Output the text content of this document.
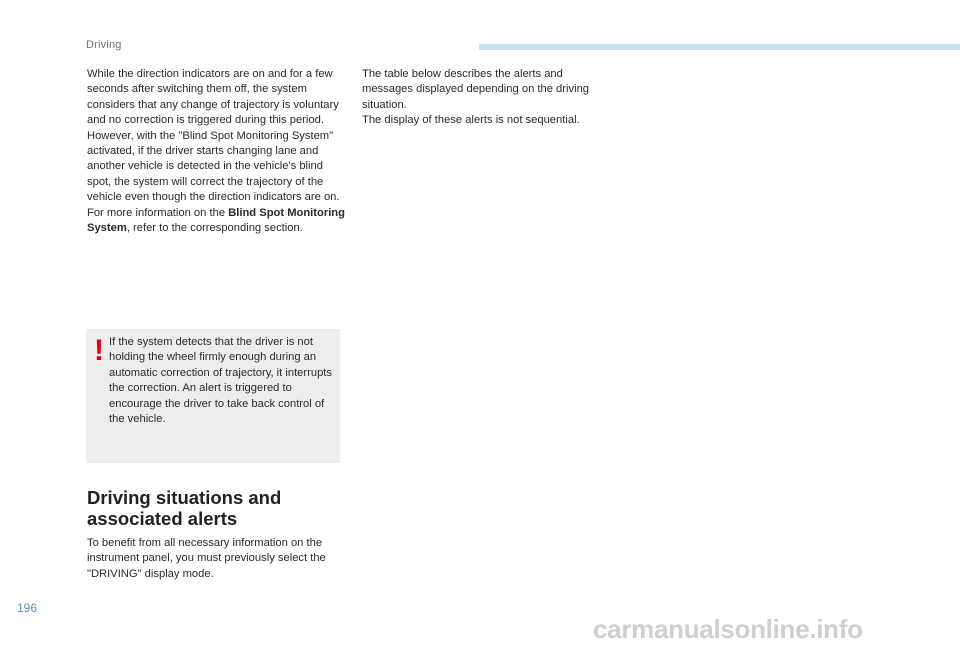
Driving

While the direction indicators are on and for a few seconds after switching them off, the system considers that any change of trajectory is voluntary and no correction is triggered during this period.

However, with the "Blind Spot Monitoring System" activated, if the driver starts changing lane and another vehicle is detected in the vehicle's blind spot, the system will correct the trajectory of the vehicle even though the direction indicators are on.

For more information on the Blind Spot Monitoring System, refer to the corresponding section.

! If the system detects that the driver is not holding the wheel firmly enough during an automatic correction of trajectory, it interrupts the correction. An alert is triggered to encourage the driver to take back control of the vehicle.

Driving situations and associated alerts

To benefit from all necessary information on the instrument panel, you must previously select the "DRIVING" display mode.

The table below describes the alerts and messages displayed depending on the driving situation.
The display of these alerts is not sequential.
196
carmanualsonline.info
